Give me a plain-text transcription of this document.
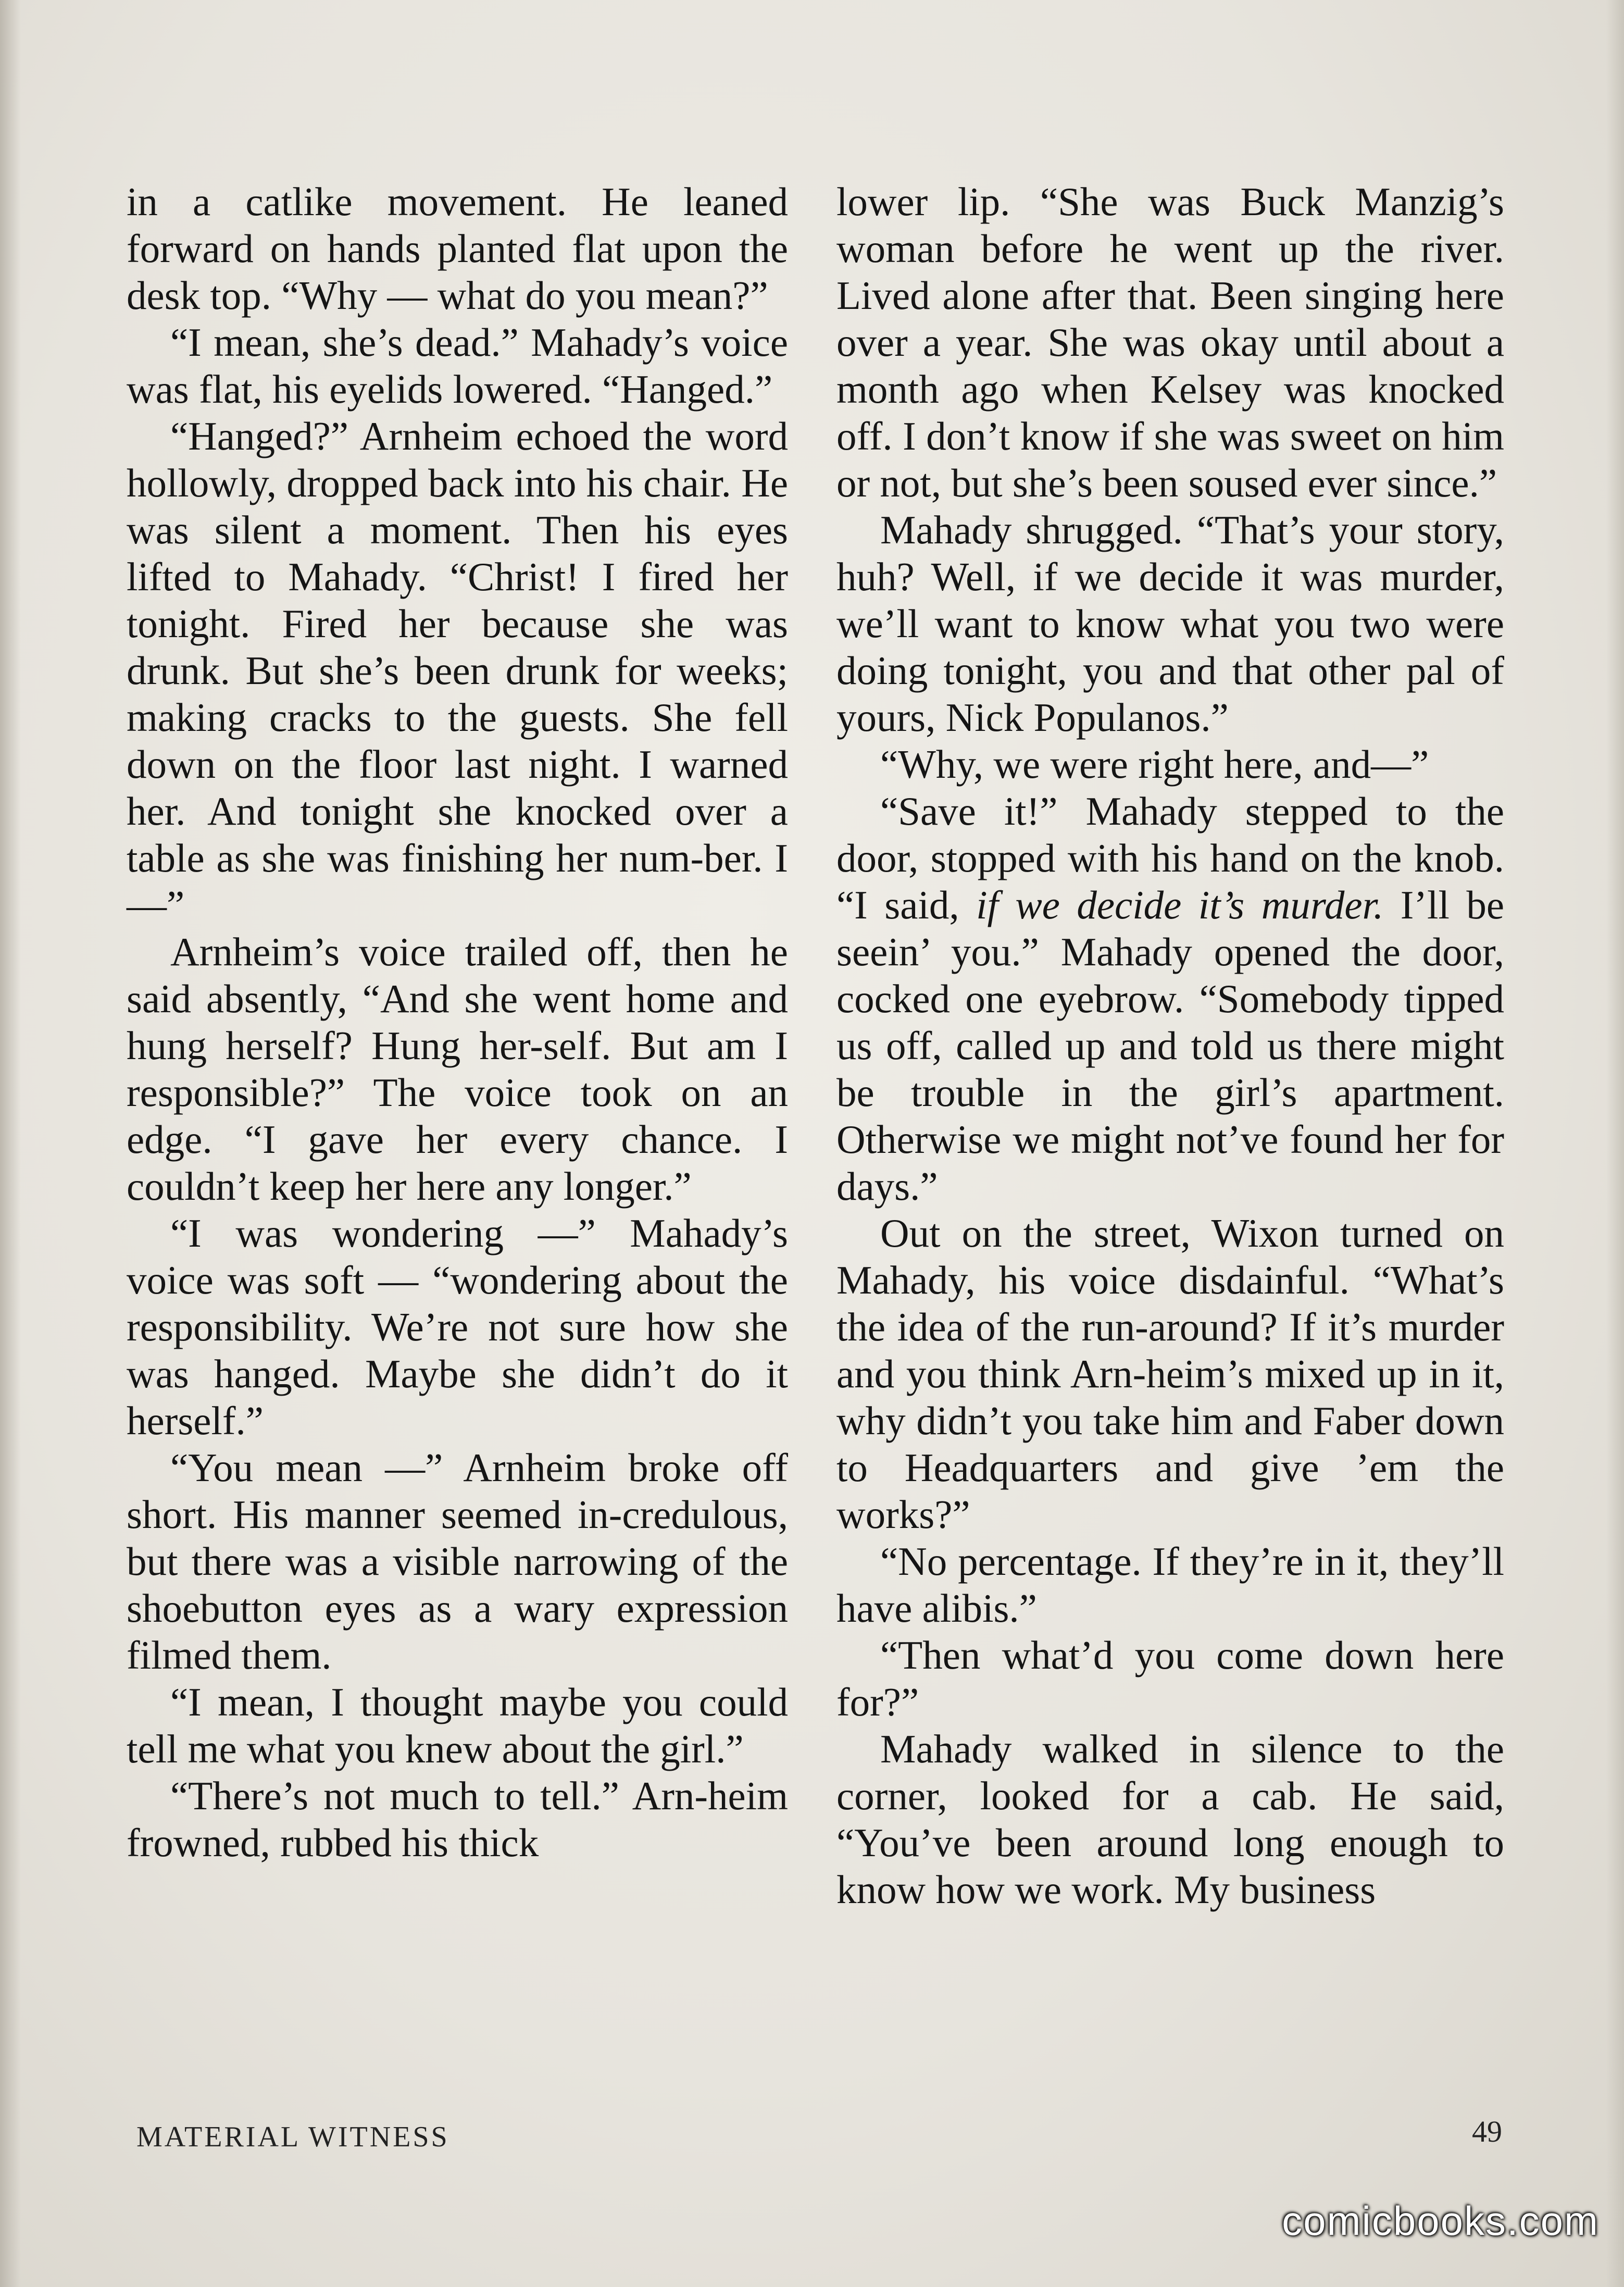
in a catlike movement. He leaned forward on hands planted flat upon the desk top. “Why — what do you mean?”

“I mean, she’s dead.” Mahady’s voice was flat, his eyelids lowered. “Hanged.”

“Hanged?” Arnheim echoed the word hollowly, dropped back into his chair. He was silent a moment. Then his eyes lifted to Mahady. “Christ! I fired her tonight. Fired her because she was drunk. But she’s been drunk for weeks; making cracks to the guests. She fell down on the floor last night. I warned her. And tonight she knocked over a table as she was finishing her num-ber. I —”

Arnheim’s voice trailed off, then he said absently, “And she went home and hung herself? Hung her-self. But am I responsible?” The voice took on an edge. “I gave her every chance. I couldn’t keep her here any longer.”

“I was wondering —” Mahady’s voice was soft — “wondering about the responsibility. We’re not sure how she was hanged. Maybe she didn’t do it herself.”

“You mean —” Arnheim broke off short. His manner seemed in-credulous, but there was a visible narrowing of the shoebutton eyes as a wary expression filmed them.

“I mean, I thought maybe you could tell me what you knew about the girl.”

“There’s not much to tell.” Arn-heim frowned, rubbed his thick

lower lip. “She was Buck Manzig’s woman before he went up the river. Lived alone after that. Been singing here over a year. She was okay until about a month ago when Kelsey was knocked off. I don’t know if she was sweet on him or not, but she’s been soused ever since.”

Mahady shrugged. “That’s your story, huh? Well, if we decide it was murder, we’ll want to know what you two were doing tonight, you and that other pal of yours, Nick Populanos.”

“Why, we were right here, and—”

“Save it!” Mahady stepped to the door, stopped with his hand on the knob. “I said, if we decide it’s murder. I’ll be seein’ you.” Mahady opened the door, cocked one eyebrow. “Somebody tipped us off, called up and told us there might be trouble in the girl’s apartment. Otherwise we might not’ve found her for days.”

Out on the street, Wixon turned on Mahady, his voice disdainful. “What’s the idea of the run-around? If it’s murder and you think Arn-heim’s mixed up in it, why didn’t you take him and Faber down to Headquarters and give ’em the works?”

“No percentage. If they’re in it, they’ll have alibis.”

“Then what’d you come down here for?”

Mahady walked in silence to the corner, looked for a cab. He said, “You’ve been around long enough to know how we work. My business

MATERIAL WITNESS	49
comicbooks.com
